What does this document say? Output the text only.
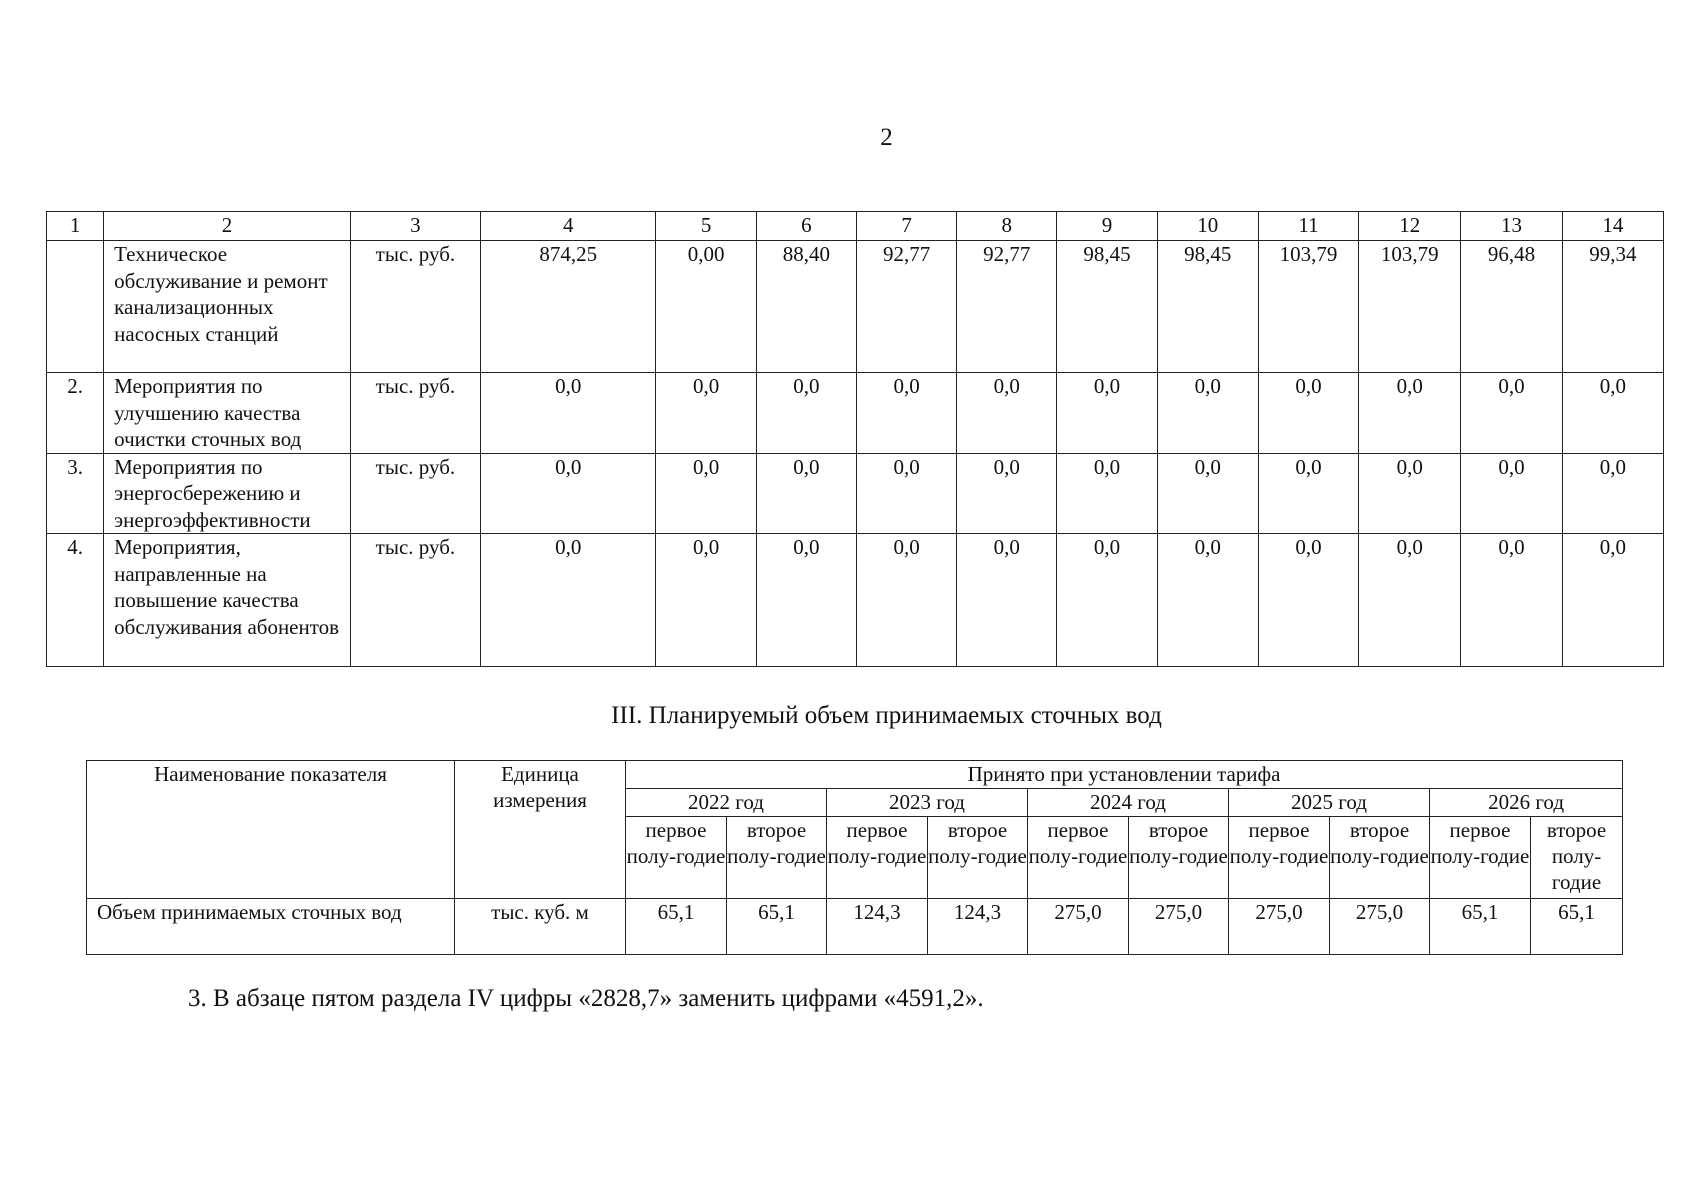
2
1	2	3	4	5	6	7	8	9	10	11	12	13	14
	Техническое обслуживание и ремонт канализационных насосных станций	тыс. руб.	874,25	0,00	88,40	92,77	92,77	98,45	98,45	103,79	103,79	96,48	99,34
2.	Мероприятия по улучшению качества очистки сточных вод	тыс. руб.	0,0	0,0	0,0	0,0	0,0	0,0	0,0	0,0	0,0	0,0	0,0
3.	Мероприятия по энергосбережению и энергоэффективности	тыс. руб.	0,0	0,0	0,0	0,0	0,0	0,0	0,0	0,0	0,0	0,0	0,0
4.	Мероприятия, направленные на повышение качества обслуживания абонентов	тыс. руб.	0,0	0,0	0,0	0,0	0,0	0,0	0,0	0,0	0,0	0,0	0,0
III. Планируемый объем принимаемых сточных вод
Наименование показателя	Единица измерения	Принято при установлении тарифа									
		2022 год		2023 год		2024 год		2025 год		2026 год	
		первое полу-годие	второе полу-годие	первое полу-годие	второе полу-годие	первое полу-годие	второе полу-годие	первое полу-годие	второе полу-годие	первое полу-годие	второе полу-годие
Объем принимаемых сточных вод	тыс. куб. м	65,1	65,1	124,3	124,3	275,0	275,0	275,0	275,0	65,1	65,1
3. В абзаце пятом раздела IV цифры «2828,7» заменить цифрами «4591,2».
